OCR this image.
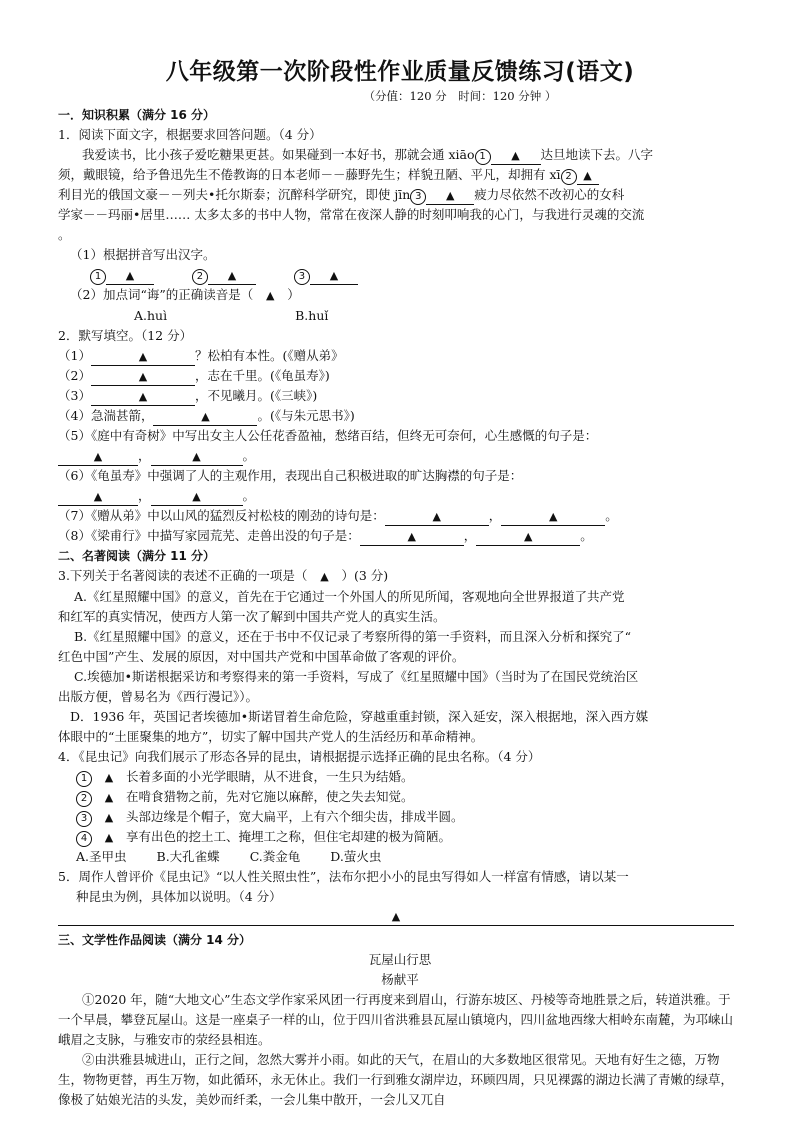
八年级第一次阶段性作业质量反馈练习(语文)
（分值：120 分　时间：120 分钟 ）
一．知识积累（满分 16 分）
1．阅读下面文字，根据要求回答问题。（4 分）
我爱读书，比小孩子爱吃糖果更甚。如果碰到一本好书，那就会通 xiāo 1 ▲ 达旦地读下去。八字
须，戴眼镜，给予鲁迅先生不倦教诲的日本老师－－藤野先生；样貌丑陋、平凡，却拥有 xī 2 ▲
利目光的俄国文豪－－列夫•托尔斯泰；沉醉科学研究，即使 jīn 3 ▲ 疲力尽依然不改初心的女科
学家－－玛丽•居里…… 太多太多的书中人物，常常在夜深人静的时刻叩响我的心门，与我进行灵魂的交流
。
（1）根据拼音写出汉字。
1 ▲	2 ▲	3 ▲
（2）加点词“诲”的正确读音是（ ▲ ）
A.huì	B.huǐ
2．默写填空。（12 分）
（1）	▲	？松柏有本性。(《赠从弟》
（2）	▲	，志在千里。(《龟虽寿》)
（3）	▲	，不见曦月。(《三峡》)
（4）急湍甚箭，	▲	。(《与朱元思书》)
（5）《庭中有奇树》中写出女主人公任花香盈袖，愁绪百结，但终无可奈何，心生感慨的句子是：
▲	，	▲	。
（6）《龟虽寿》中强调了人的主观作用，表现出自己积极进取的旷达胸襟的句子是：
▲	，	▲	。
（7）《赠从弟》中以山风的猛烈反衬松枝的刚劲的诗句是：	▲	，	▲	。
（8）《梁甫行》中描写家园荒芜、走兽出没的句子是：	▲	，	▲	。
二、名著阅读（满分 11 分）
3.下列关于名著阅读的表述不正确的一项是（ ▲ ）(3 分)
A.《红星照耀中国》的意义，首先在于它通过一个外国人的所见所闻，客观地向全世界报道了共产党
和红军的真实情况，使西方人第一次了解到中国共产党人的真实生活。
B.《红星照耀中国》的意义，还在于书中不仅记录了考察所得的第一手资料，而且深入分析和探究了“
红色中国”产生、发展的原因，对中国共产党和中国革命做了客观的评价。
C.埃德加•斯诺根据采访和考察得来的第一手资料，写成了《红星照耀中国》（当时为了在国民党统治区
出版方便，曾易名为《西行漫记》）。
D．1936 年，英国记者埃德加•斯诺冒着生命危险，穿越重重封锁，深入延安，深入根据地，深入西方媒
体眼中的“土匪聚集的地方”，切实了解中国共产党人的生活经历和革命精神。
4．《昆虫记》向我们展示了形态各异的昆虫，请根据提示选择正确的昆虫名称。（4 分）
1 ▲ 长着多面的小光学眼睛，从不进食，一生只为结婚。
2 ▲ 在啃食猎物之前，先对它施以麻醉，使之失去知觉。
3 ▲ 头部边缘是个帽子，宽大扁平，上有六个细尖齿，排成半圆。
4 ▲ 享有出色的挖土工、掩埋工之称，但住宅却建的极为简陋。
A.圣甲虫 B.大孔雀蝶 C.粪金龟 D.萤火虫
5．周作人曾评价《昆虫记》“以人性关照虫性”，法布尔把小小的昆虫写得如人一样富有情感，请以某一
种昆虫为例，具体加以说明。（4 分）
▲
三、文学性作品阅读（满分 14 分）
瓦屋山行思
杨献平
①2020 年，随“大地文心”生态文学作家采风团一行再度来到眉山，行游东坡区、丹棱等奇地胜景之后，转道洪雅。于一个早晨，攀登瓦屋山。这是一座桌子一样的山，位于四川省洪雅县瓦屋山镇境内，四川盆地西缘大相岭东南麓，为邛崃山峨眉之支脉，与雅安市的荥经县相连。
②由洪雅县城进山，正行之间，忽然大雾并小雨。如此的天气，在眉山的大多数地区很常见。天地有好生之德，万物生，物物更替，再生万物，如此循环，永无休止。我们一行到雅女湖岸边，环顾四周，只见裸露的湖边长满了青嫩的绿草，像极了姑娘光洁的头发，美妙而纤柔，一会儿集中散开，一会儿又兀自
